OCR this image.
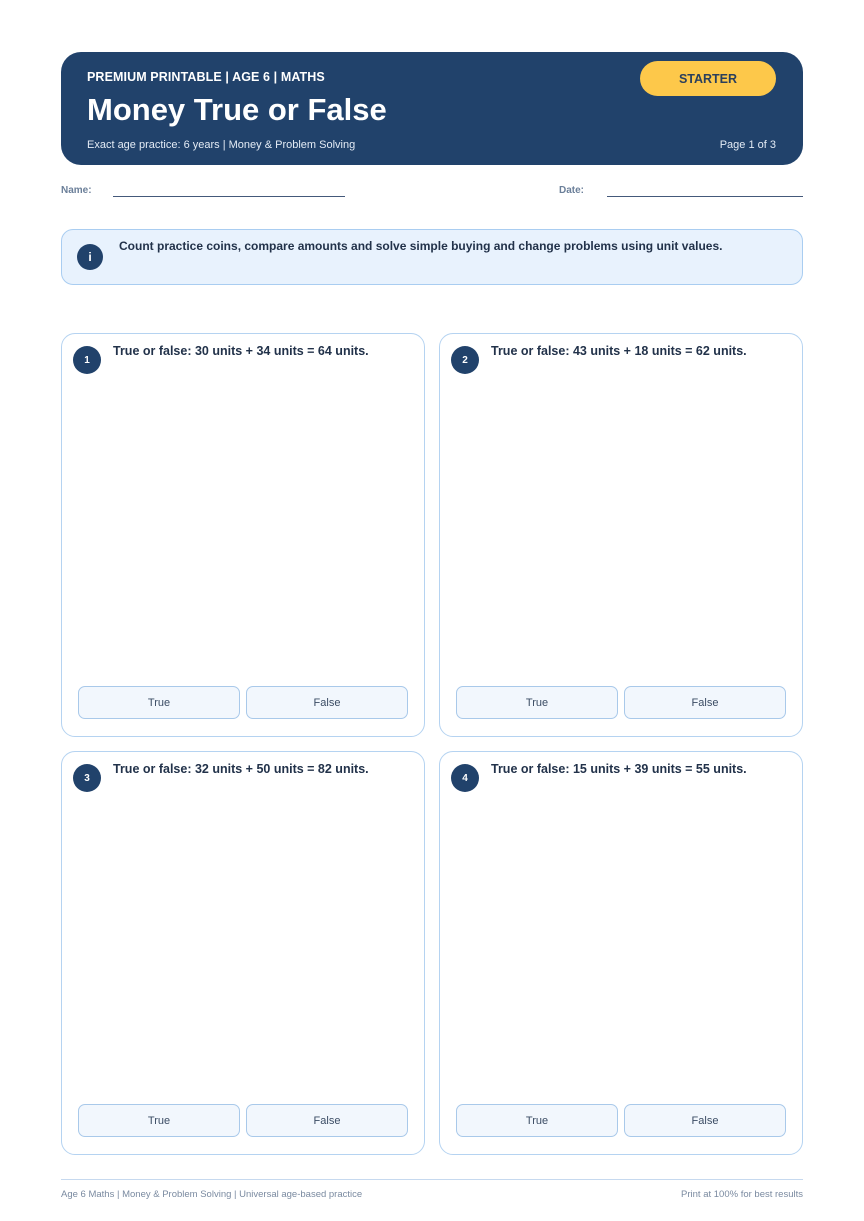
PREMIUM PRINTABLE | AGE 6 | MATHS
Money True or False
Exact age practice: 6 years | Money & Problem Solving	Page 1 of 3
STARTER
Name:	Date:
i
Count practice coins, compare amounts and solve simple buying and change problems using unit values.
1
True or false: 30 units + 34 units = 64 units.
True	False
2
True or false: 43 units + 18 units = 62 units.
True	False
3
True or false: 32 units + 50 units = 82 units.
True	False
4
True or false: 15 units + 39 units = 55 units.
True	False
Age 6 Maths | Money & Problem Solving | Universal age-based practice	Print at 100% for best results
